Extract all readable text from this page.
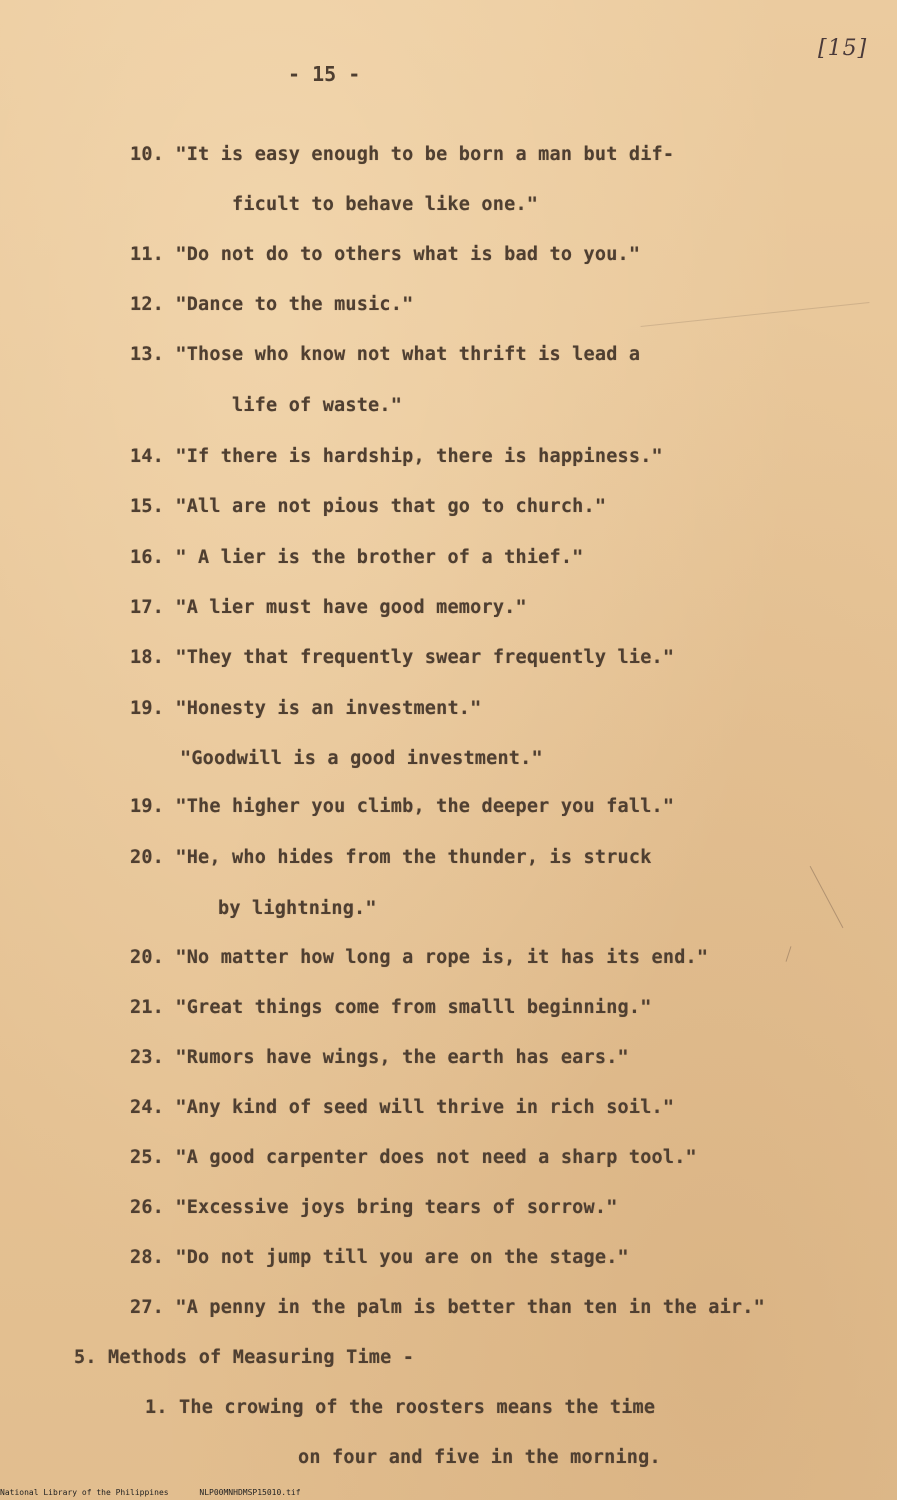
- 15 -
[15]
10. "It is easy enough to be born a man but dif-
ficult to behave like one."
11. "Do not do to others what is bad to you."
12. "Dance to the music."
13. "Those who know not what thrift is lead a
life of waste."
14. "If there is hardship, there is happiness."
15. "All are not pious that go to church."
16. " A lier is the brother of a thief."
17. "A lier must have good memory."
18. "They that frequently swear frequently lie."
19. "Honesty is an investment."
"Goodwill is a good investment."
19. "The higher you climb, the deeper you fall."
20. "He, who hides from the thunder, is struck
by lightning."
20. "No matter how long a rope is, it has its end."
21. "Great things come from smalll beginning."
23. "Rumors have wings, the earth has ears."
24. "Any kind of seed will thrive in rich soil."
25. "A good carpenter does not need a sharp tool."
26. "Excessive joys bring tears of sorrow."
28. "Do not jump till you are on the stage."
27. "A penny in the palm is better than ten in the air."
5. Methods of Measuring Time -
1. The crowing of the roosters means the time
on four and five in the morning.
National Library of the Philippines	NLP00MNHDMSP15010.tif
